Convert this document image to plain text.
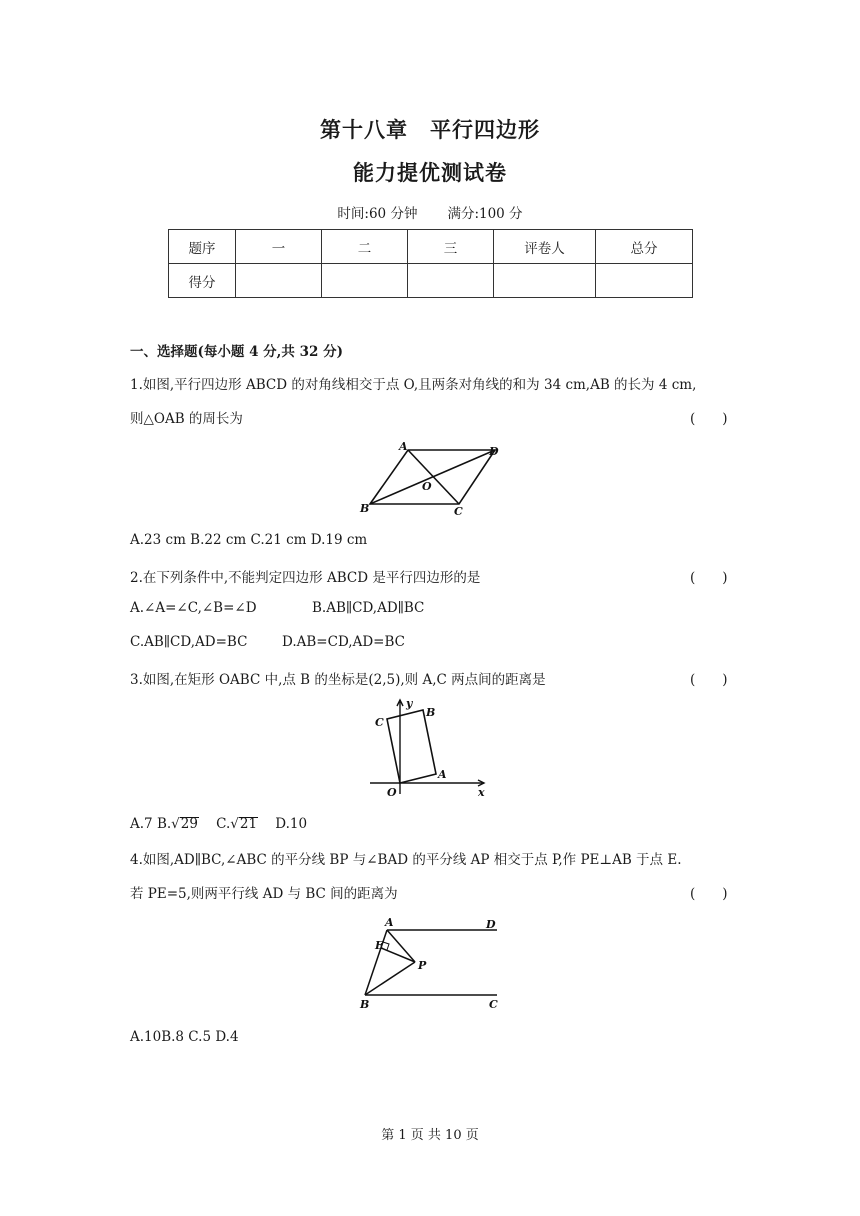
第十八章　平行四边形
能力提优测试卷
时间:60 分钟 满分:100 分
题序	一	二	三	评卷人	总分
得分					
一、选择题(每小题 4 分,共 32 分)
1.如图,平行四边形 ABCD 的对角线相交于点 O,且两条对角线的和为 34 cm,AB 的长为 4 cm,
则△OAB 的周长为	(　　)
A
B	C
D
O
A.23 cm B.22 cm C.21 cm D.19 cm
2.在下列条件中,不能判定四边形 ABCD 是平行四边形的是	(　　)
A.∠A=∠C,∠B=∠D	B.AB∥CD,AD∥BC
C.AB∥CD,AD=BC	D.AB=CD,AD=BC
3.如图,在矩形 OABC 中,点 B 的坐标是(2,5),则 A,C 两点间的距离是	(　　)
C
y
B
A
O	x
A.7 B.√29 C.√21 D.10
4.如图,AD∥BC,∠ABC 的平分线 BP 与∠BAD 的平分线 AP 相交于点 P,作 PE⊥AB 于点 E.
若 PE=5,则两平行线 AD 与 BC 间的距离为	(　　)
A	D
E
P
B	C
A.10B.8 C.5 D.4
第 1 页 共 10 页
